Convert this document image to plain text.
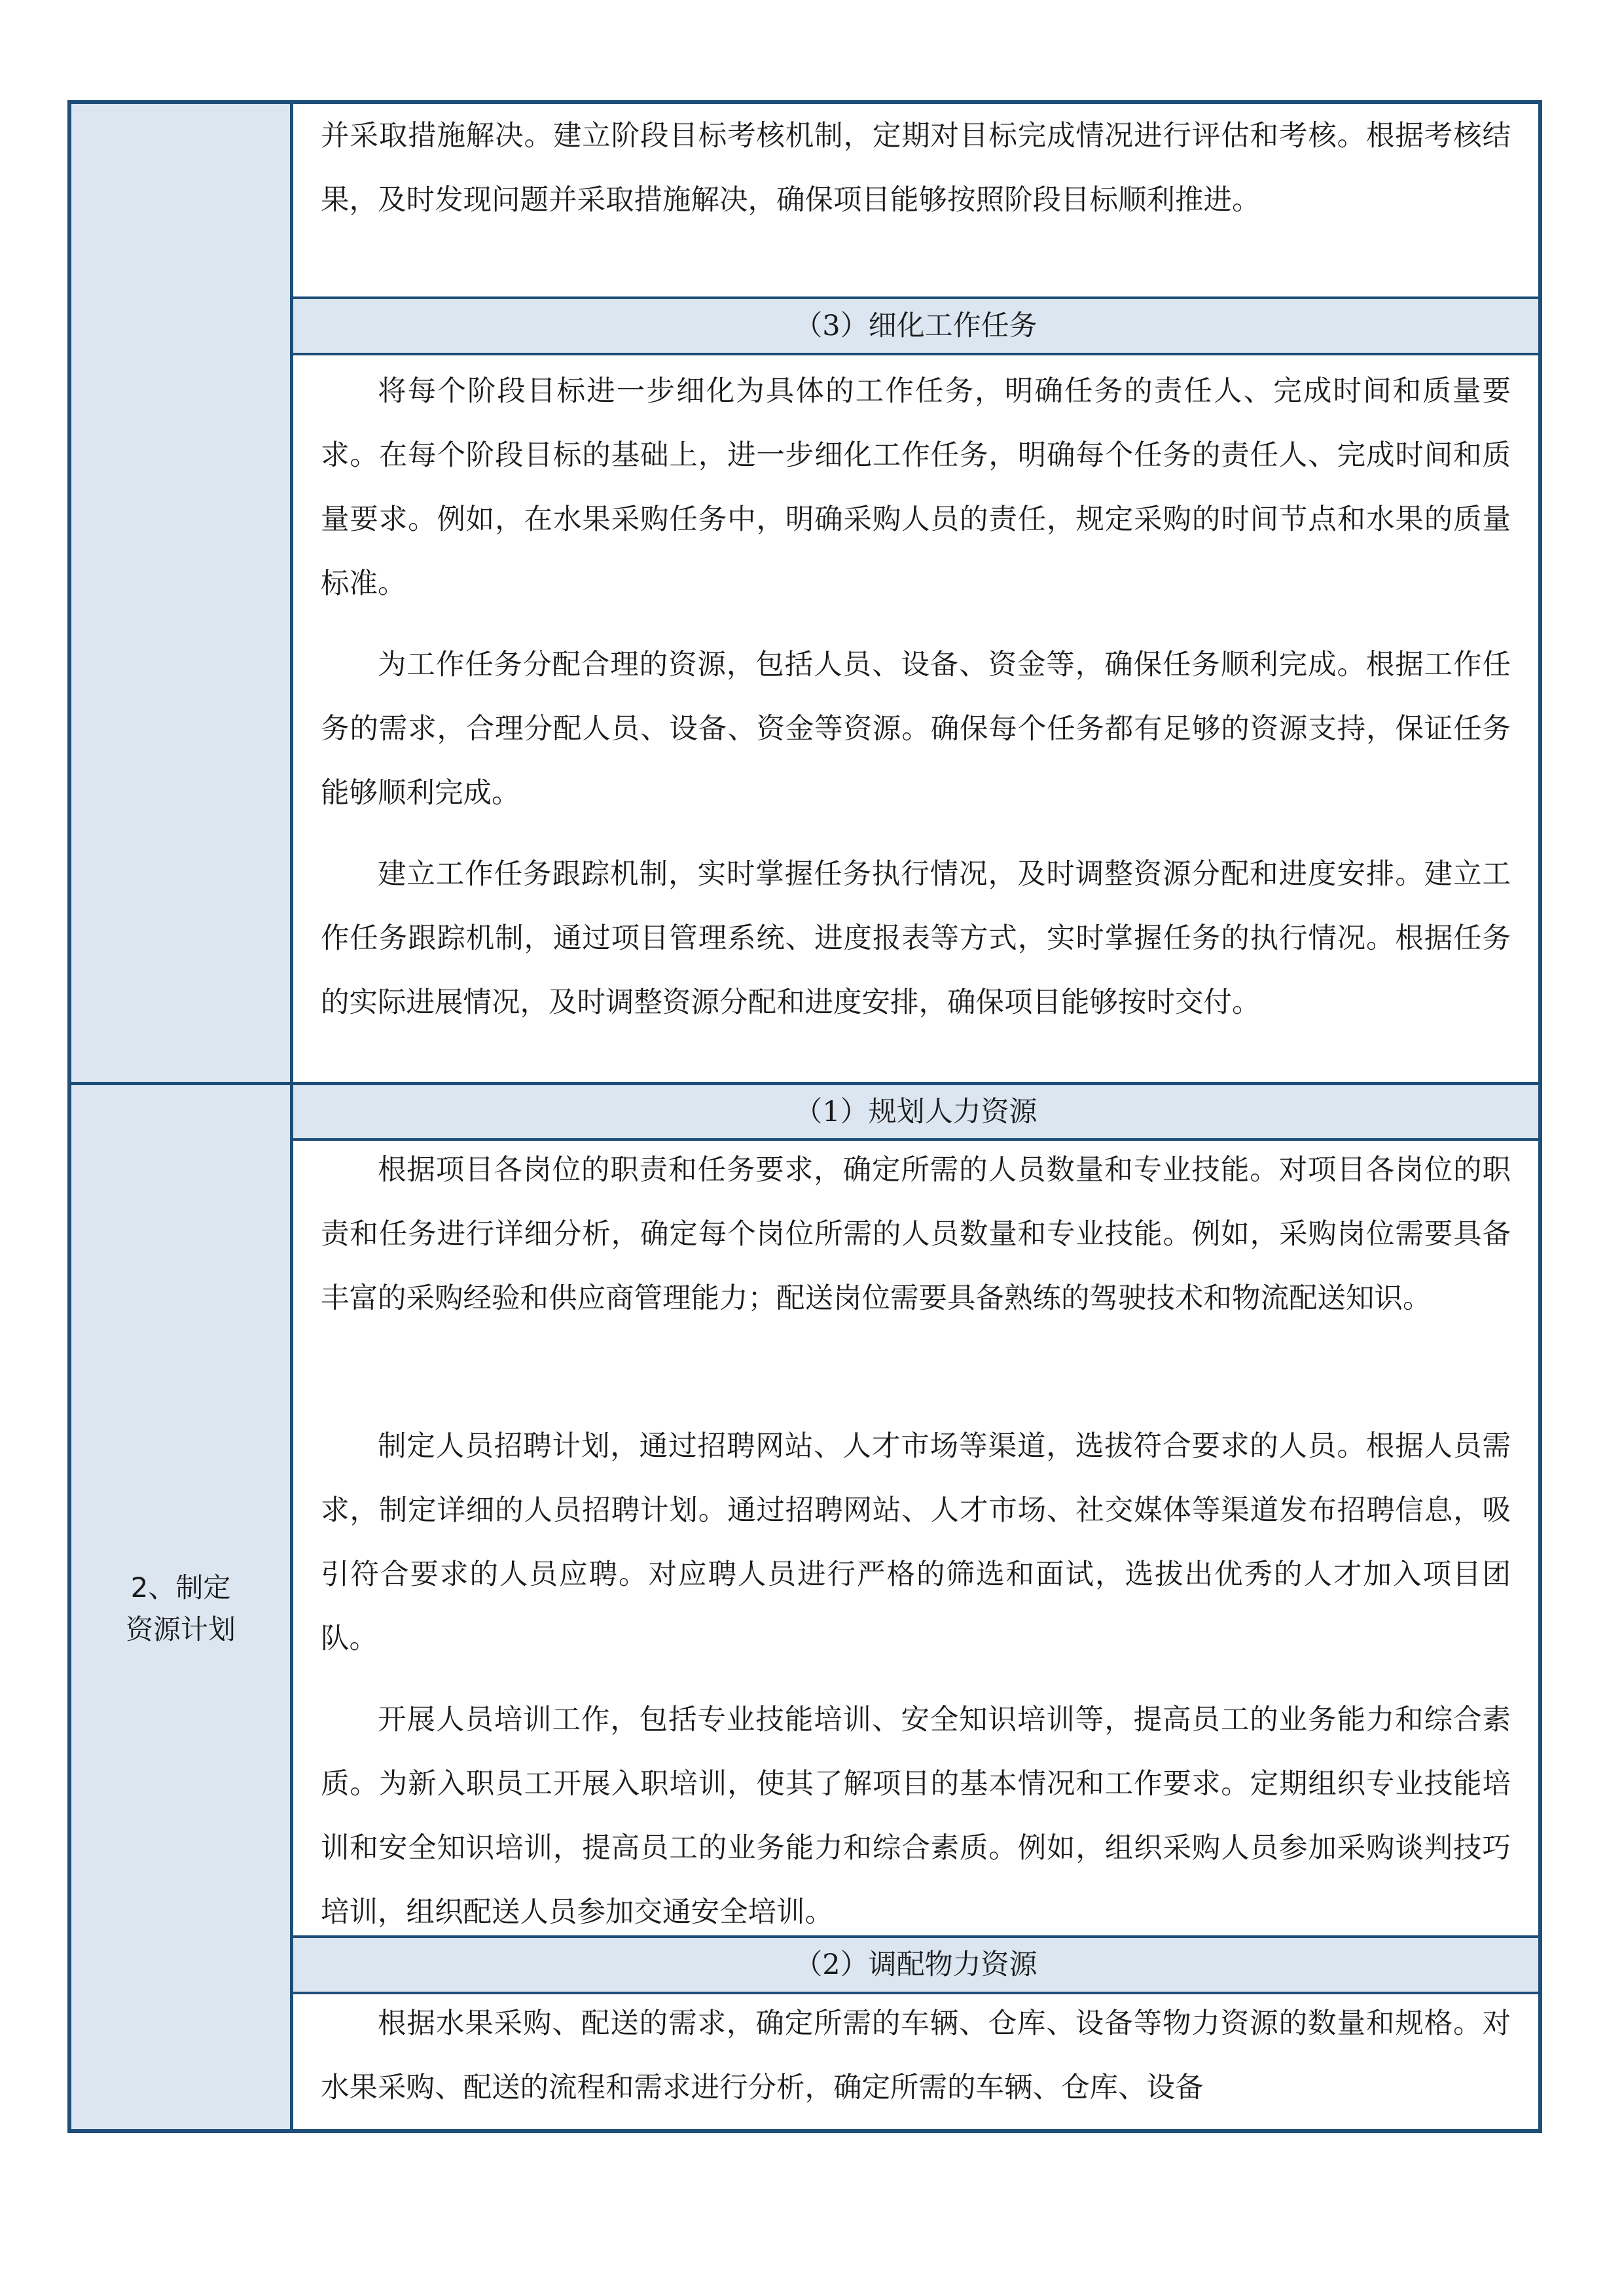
2、制定资源计划
并采取措施解决。建立阶段目标考核机制，定期对目标完成情况进行评估和考核。根据考核结果，及时发现问题并采取措施解决，确保项目能够按照阶段目标顺利推进。
（3）细化工作任务
将每个阶段目标进一步细化为具体的工作任务，明确任务的责任人、完成时间和质量要求。在每个阶段目标的基础上，进一步细化工作任务，明确每个任务的责任人、完成时间和质量要求。例如，在水果采购任务中，明确采购人员的责任，规定采购的时间节点和水果的质量标准。
为工作任务分配合理的资源，包括人员、设备、资金等，确保任务顺利完成。根据工作任务的需求，合理分配人员、设备、资金等资源。确保每个任务都有足够的资源支持，保证任务能够顺利完成。
建立工作任务跟踪机制，实时掌握任务执行情况，及时调整资源分配和进度安排。建立工作任务跟踪机制，通过项目管理系统、进度报表等方式，实时掌握任务的执行情况。根据任务的实际进展情况，及时调整资源分配和进度安排，确保项目能够按时交付。
（1）规划人力资源
根据项目各岗位的职责和任务要求，确定所需的人员数量和专业技能。对项目各岗位的职责和任务进行详细分析，确定每个岗位所需的人员数量和专业技能。例如，采购岗位需要具备丰富的采购经验和供应商管理能力；配送岗位需要具备熟练的驾驶技术和物流配送知识。
制定人员招聘计划，通过招聘网站、人才市场等渠道，选拔符合要求的人员。根据人员需求，制定详细的人员招聘计划。通过招聘网站、人才市场、社交媒体等渠道发布招聘信息，吸引符合要求的人员应聘。对应聘人员进行严格的筛选和面试，选拔出优秀的人才加入项目团队。
开展人员培训工作，包括专业技能培训、安全知识培训等，提高员工的业务能力和综合素质。为新入职员工开展入职培训，使其了解项目的基本情况和工作要求。定期组织专业技能培训和安全知识培训，提高员工的业务能力和综合素质。例如，组织采购人员参加采购谈判技巧培训，组织配送人员参加交通安全培训。
（2）调配物力资源
根据水果采购、配送的需求，确定所需的车辆、仓库、设备等物力资源的数量和规格。对水果采购、配送的流程和需求进行分析，确定所需的车辆、仓库、设备
